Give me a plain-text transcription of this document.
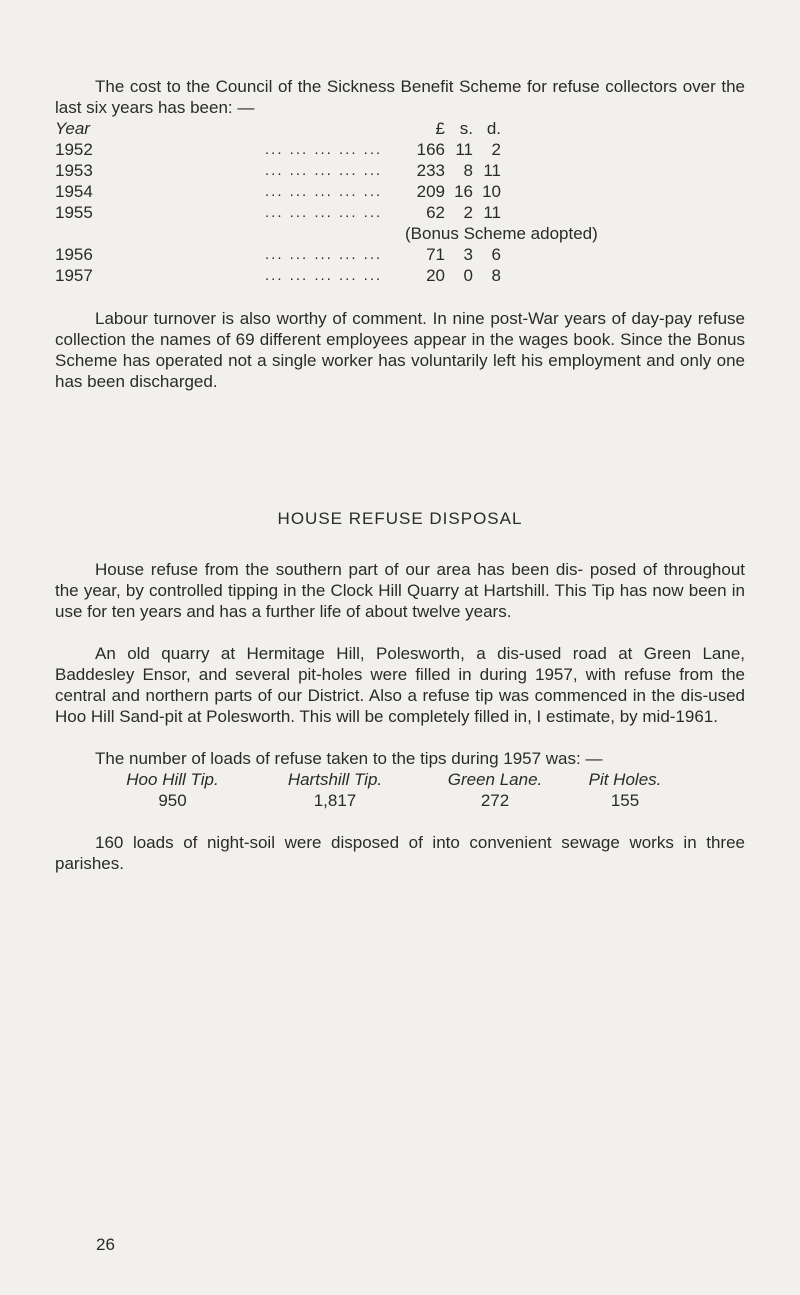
The cost to the Council of the Sickness Benefit Scheme for refuse collectors over the last six years has been: —

Year		£	s.	d.
1952	... ... ... ... ...	166	11	2
1953	... ... ... ... ...	233	8	11
1954	... ... ... ... ...	209	16	10
1955	... ... ... ... ...	62	2	11

		(Bonus Scheme adopted)		

1956	... ... ... ... ...	71	3	6
1957	... ... ... ... ...	20	0	8

Labour turnover is also worthy of comment. In nine post-War years of day-pay refuse collection the names of 69 different employees appear in the wages book. Since the Bonus Scheme has operated not a single worker has voluntarily left his employment and only one has been discharged.

HOUSE REFUSE DISPOSAL

House refuse from the southern part of our area has been dis- posed of throughout the year, by controlled tipping in the Clock Hill Quarry at Hartshill. This Tip has now been in use for ten years and has a further life of about twelve years.

An old quarry at Hermitage Hill, Polesworth, a dis-used road at Green Lane, Baddesley Ensor, and several pit-holes were filled in during 1957, with refuse from the central and northern parts of our District. Also a refuse tip was commenced in the dis-used Hoo Hill Sand-pit at Polesworth. This will be completely filled in, I estimate, by mid-1961.

The number of loads of refuse taken to the tips during 1957 was: —

Hoo Hill Tip.	Hartshill Tip.	Green Lane.	Pit Holes.
950	1,817	272	155

160 loads of night-soil were disposed of into convenient sewage works in three parishes.

26
